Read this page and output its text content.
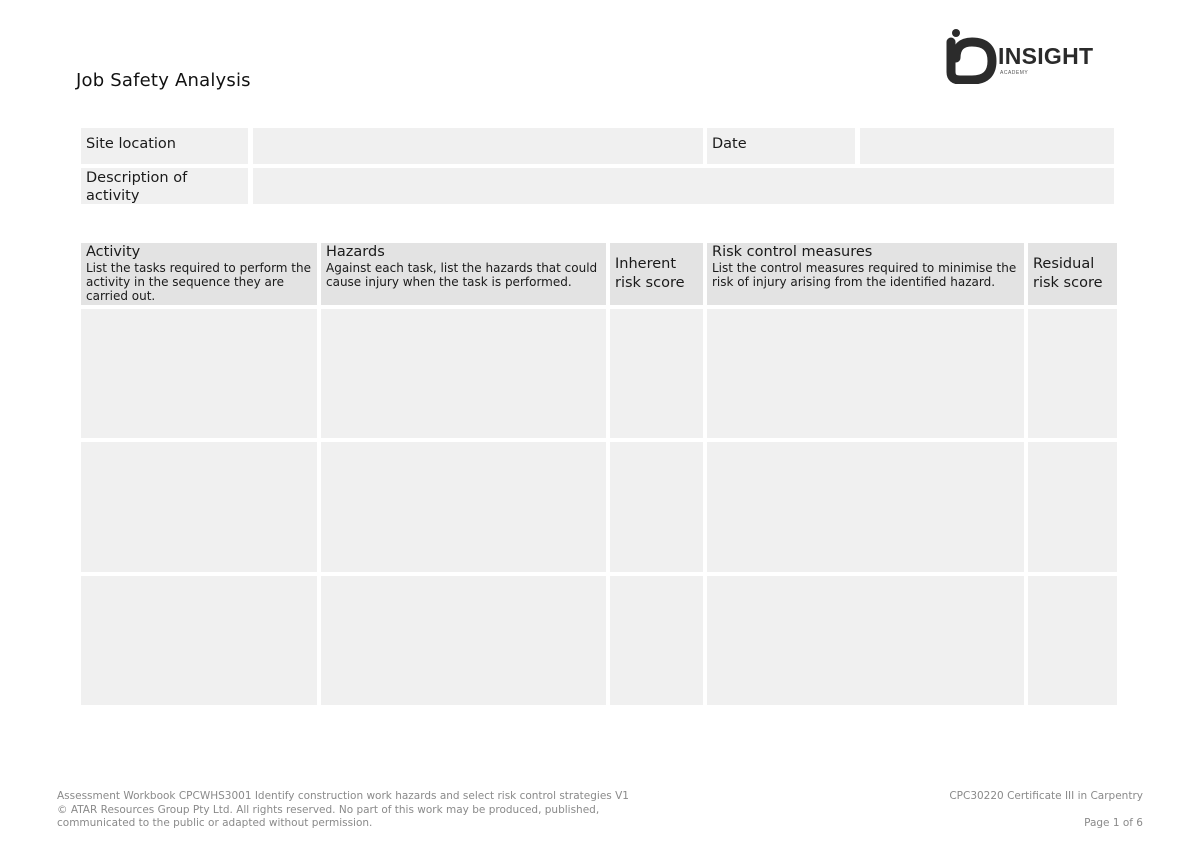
Job Safety Analysis
INSIGHT
ACADEMY
Site location	Date
Description of activity
Activity
List the tasks required to perform the activity in the sequence they are carried out.
Hazards
Against each task, list the hazards that could cause injury when the task is performed.
Inherent risk score
Risk control measures
List the control measures required to minimise the risk of injury arising from the identified hazard.
Residual risk score
Assessment Workbook CPCWHS3001 Identify construction work hazards and select risk control strategies V1
© ATAR Resources Group Pty Ltd. All rights reserved. No part of this work may be produced, published,
communicated to the public or adapted without permission.
CPC30220 Certificate III in Carpentry
Page 1 of 6
